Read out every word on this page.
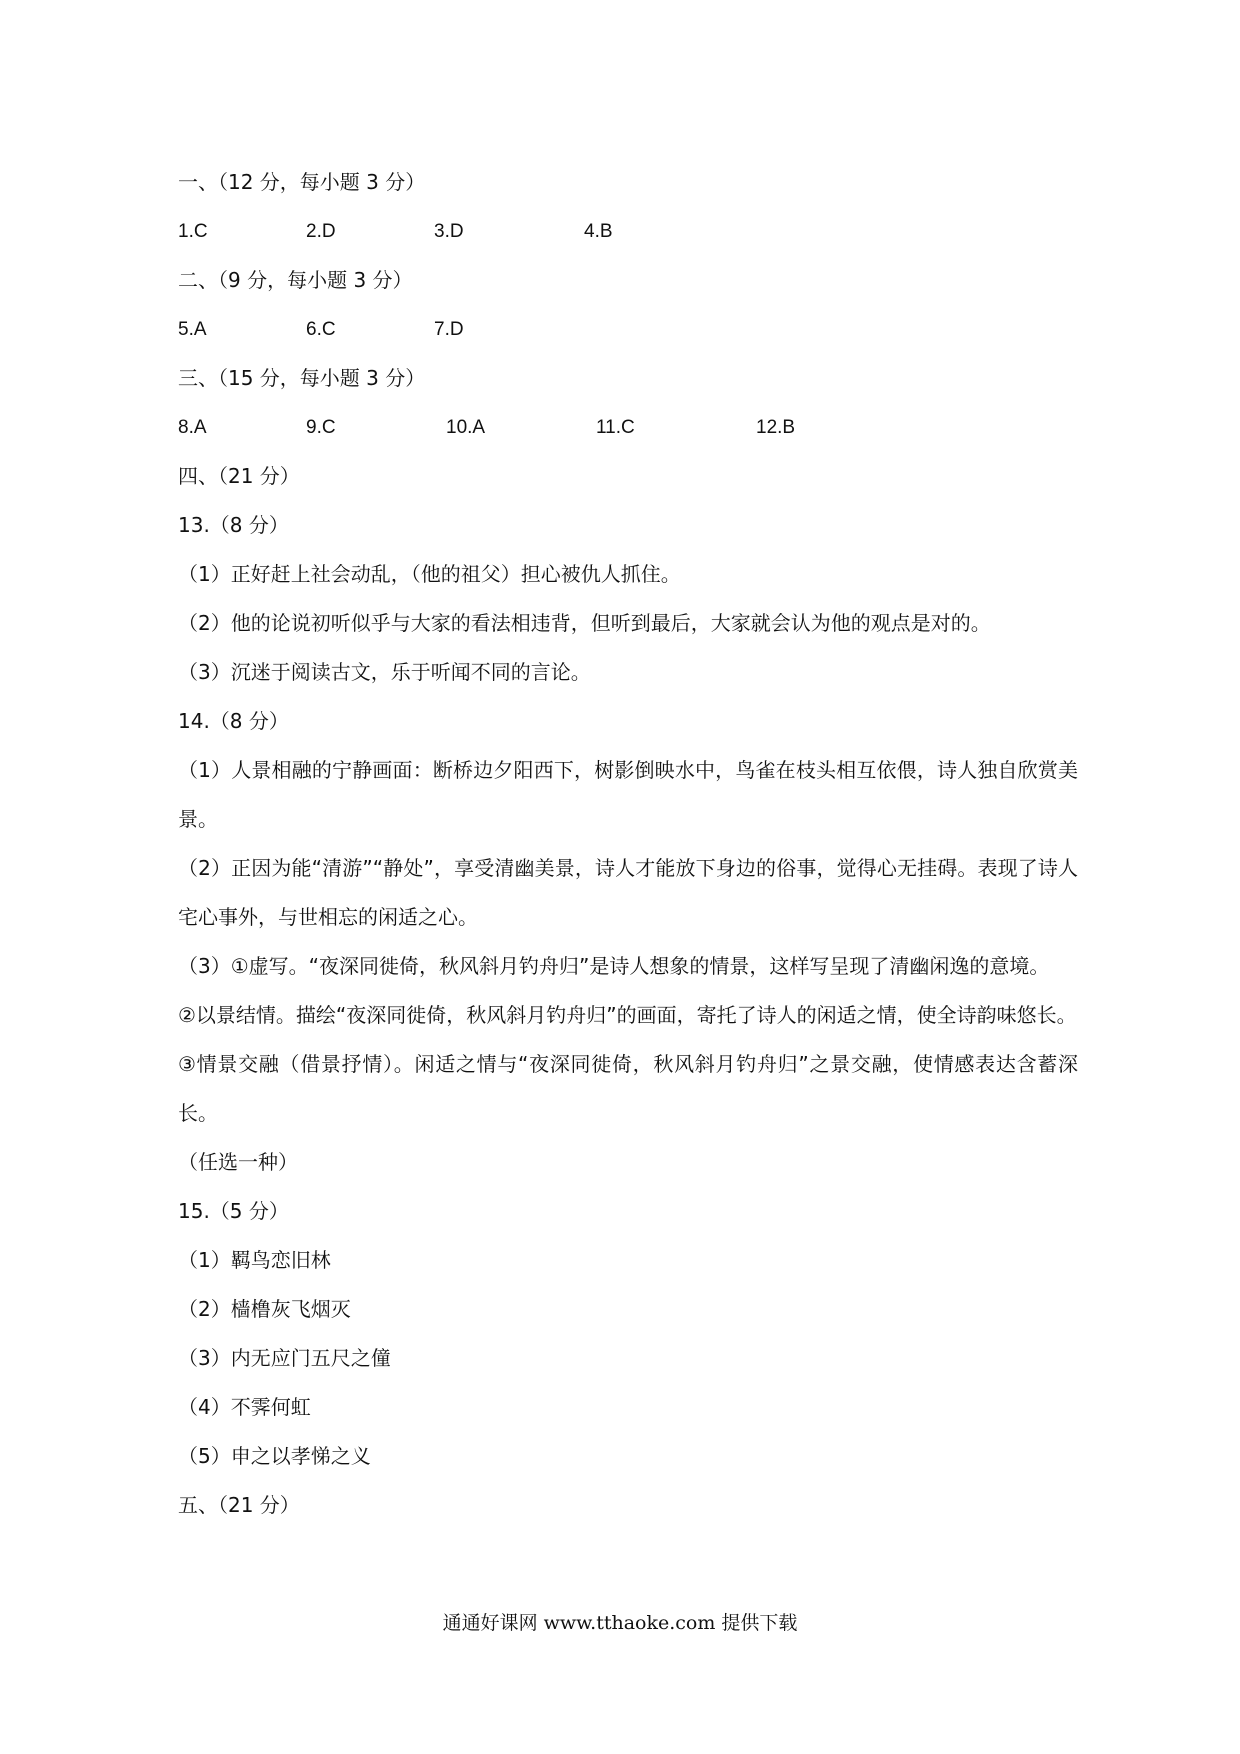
一、（12 分，每小题 3 分）
1.C	2.D	3.D	4.B
二、（9 分，每小题 3 分）
5.A	6.C	7.D
三、（15 分，每小题 3 分）
8.A	9.C	10.A	11.C	12.B
四、（21 分）
13.（8 分）
（1）正好赶上社会动乱，（他的祖父）担心被仇人抓住。
（2）他的论说初听似乎与大家的看法相违背，但听到最后，大家就会认为他的观点是对的。
（3）沉迷于阅读古文，乐于听闻不同的言论。
14.（8 分）
（1）人景相融的宁静画面：断桥边夕阳西下，树影倒映水中，鸟雀在枝头相互依偎，诗人独自欣赏美景。
（2）正因为能“清游”“静处”，享受清幽美景，诗人才能放下身边的俗事，觉得心无挂碍。表现了诗人宅心事外，与世相忘的闲适之心。
（3）①虚写。“夜深同徙倚，秋风斜月钓舟归”是诗人想象的情景，这样写呈现了清幽闲逸的意境。
②以景结情。描绘“夜深同徙倚，秋风斜月钓舟归”的画面，寄托了诗人的闲适之情，使全诗韵味悠长。
③情景交融（借景抒情）。闲适之情与“夜深同徙倚，秋风斜月钓舟归”之景交融，使情感表达含蓄深长。
（任选一种）
15.（5 分）
（1）羁鸟恋旧林
（2）樯橹灰飞烟灭
（3）内无应门五尺之僮
（4）不霁何虹
（5）申之以孝悌之义
五、（21 分）
通通好课网 www.tthaoke.com 提供下载
